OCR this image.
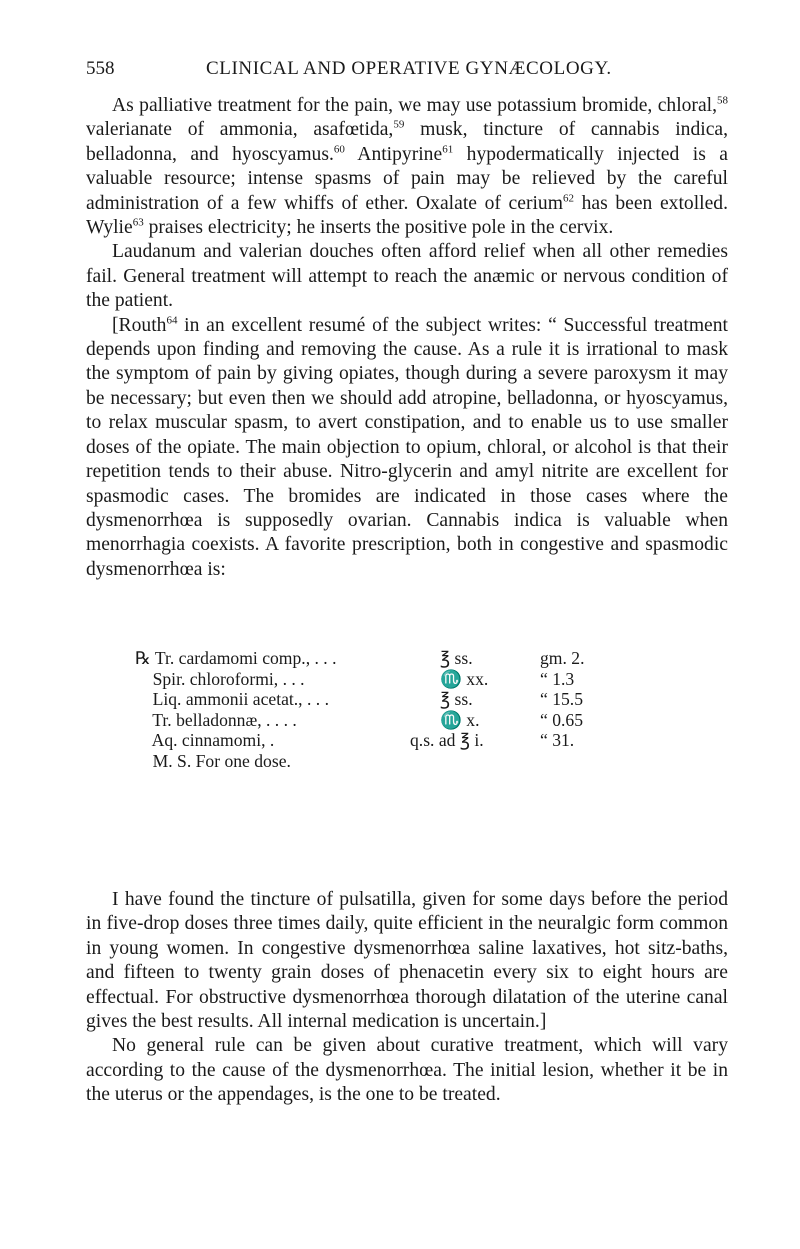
558	CLINICAL AND OPERATIVE GYNÆCOLOGY.

As palliative treatment for the pain, we may use potassium bromide, chloral,$^{58}$ valerianate of ammonia, asafœtida,$^{59}$ musk, tincture of cannabis indica, belladonna, and hyoscyamus.$^{60}$ Antipyrine$^{61}$ hypodermatically injected is a valuable resource; intense spasms of pain may be relieved by the careful administration of a few whiffs of ether. Oxalate of cerium$^{62}$ has been extolled. Wylie$^{63}$ praises electricity; he inserts the positive pole in the cervix.

Laudanum and valerian douches often afford relief when all other remedies fail. General treatment will attempt to reach the anæmic or nervous condition of the patient.

[Routh$^{64}$ in an excellent resumé of the subject writes: “ Successful treatment depends upon finding and removing the cause. As a rule it is irrational to mask the symptom of pain by giving opiates, though during a severe paroxysm it may be necessary; but even then we should add atropine, belladonna, or hyoscyamus, to relax muscular spasm, to avert constipation, and to enable us to use smaller doses of the opiate. The main objection to opium, chloral, or alcohol is that their repetition tends to their abuse. Nitro-glycerin and amyl nitrite are excellent for spasmodic cases. The bromides are indicated in those cases where the dysmenorrhœa is supposedly ovarian. Cannabis indica is valuable when menorrhagia coexists. A favorite prescription, both in congestive and spasmodic dysmenorrhœa is:

℞ Tr. cardamomi comp., . . .	℥ ss.	gm. 2.
Spir. chloroformi, . . .	♏ xx.	“ 1.3
Liq. ammonii acetat., . . .	℥ ss.	“ 15.5
Tr. belladonnæ, . . . .	♏ x.	“ 0.65
Aq. cinnamomi, .	q.s. ad ℥ i.	“ 31.
M. S. For one dose.

I have found the tincture of pulsatilla, given for some days before the period in five-drop doses three times daily, quite efficient in the neuralgic form common in young women. In congestive dysmenorrhœa saline laxatives, hot sitz-baths, and fifteen to twenty grain doses of phenacetin every six to eight hours are effectual. For obstructive dysmenorrhœa thorough dilatation of the uterine canal gives the best results. All internal medication is uncertain.]

No general rule can be given about curative treatment, which will vary according to the cause of the dysmenorrhœa. The initial lesion, whether it be in the uterus or the appendages, is the one to be treated.
